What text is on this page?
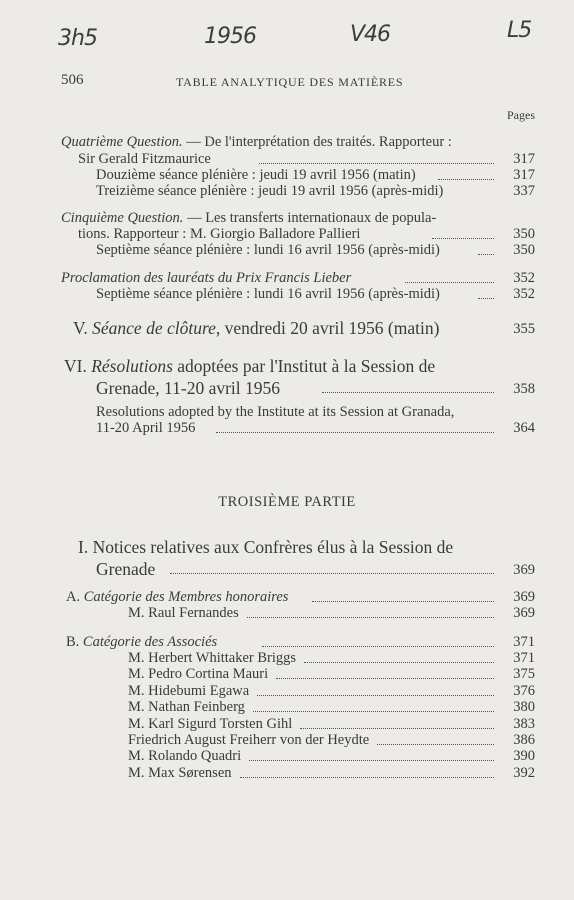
3h5	1956	V46	L5
506	TABLE ANALYTIQUE DES MATIÈRES
Pages
Quatrième Question. — De l'interprétation des traités. Rapporteur :
Sir Gerald Fitzmaurice	317
Douzième séance plénière : jeudi 19 avril 1956 (matin)	317
Treizième séance plénière : jeudi 19 avril 1956 (après-midi)	337
Cinquième Question. — Les transferts internationaux de popula-
tions. Rapporteur : M. Giorgio Balladore Pallieri	350
Septième séance plénière : lundi 16 avril 1956 (après-midi)	350
Proclamation des lauréats du Prix Francis Lieber	352
Septième séance plénière : lundi 16 avril 1956 (après-midi)	352
V. Séance de clôture, vendredi 20 avril 1956 (matin)	355
VI. Résolutions adoptées par l'Institut à la Session de
Grenade, 11-20 avril 1956	358
Resolutions adopted by the Institute at its Session at Granada,
11-20 April 1956	364
TROISIÈME PARTIE
I. Notices relatives aux Confrères élus à la Session de
Grenade	369
A. Catégorie des Membres honoraires	369
M. Raul Fernandes	369
B. Catégorie des Associés	371
M. Herbert Whittaker Briggs	371
M. Pedro Cortina Mauri	375
M. Hidebumi Egawa	376
M. Nathan Feinberg	380
M. Karl Sigurd Torsten Gihl	383
Friedrich August Freiherr von der Heydte	386
M. Rolando Quadri	390
M. Max Sørensen	392
